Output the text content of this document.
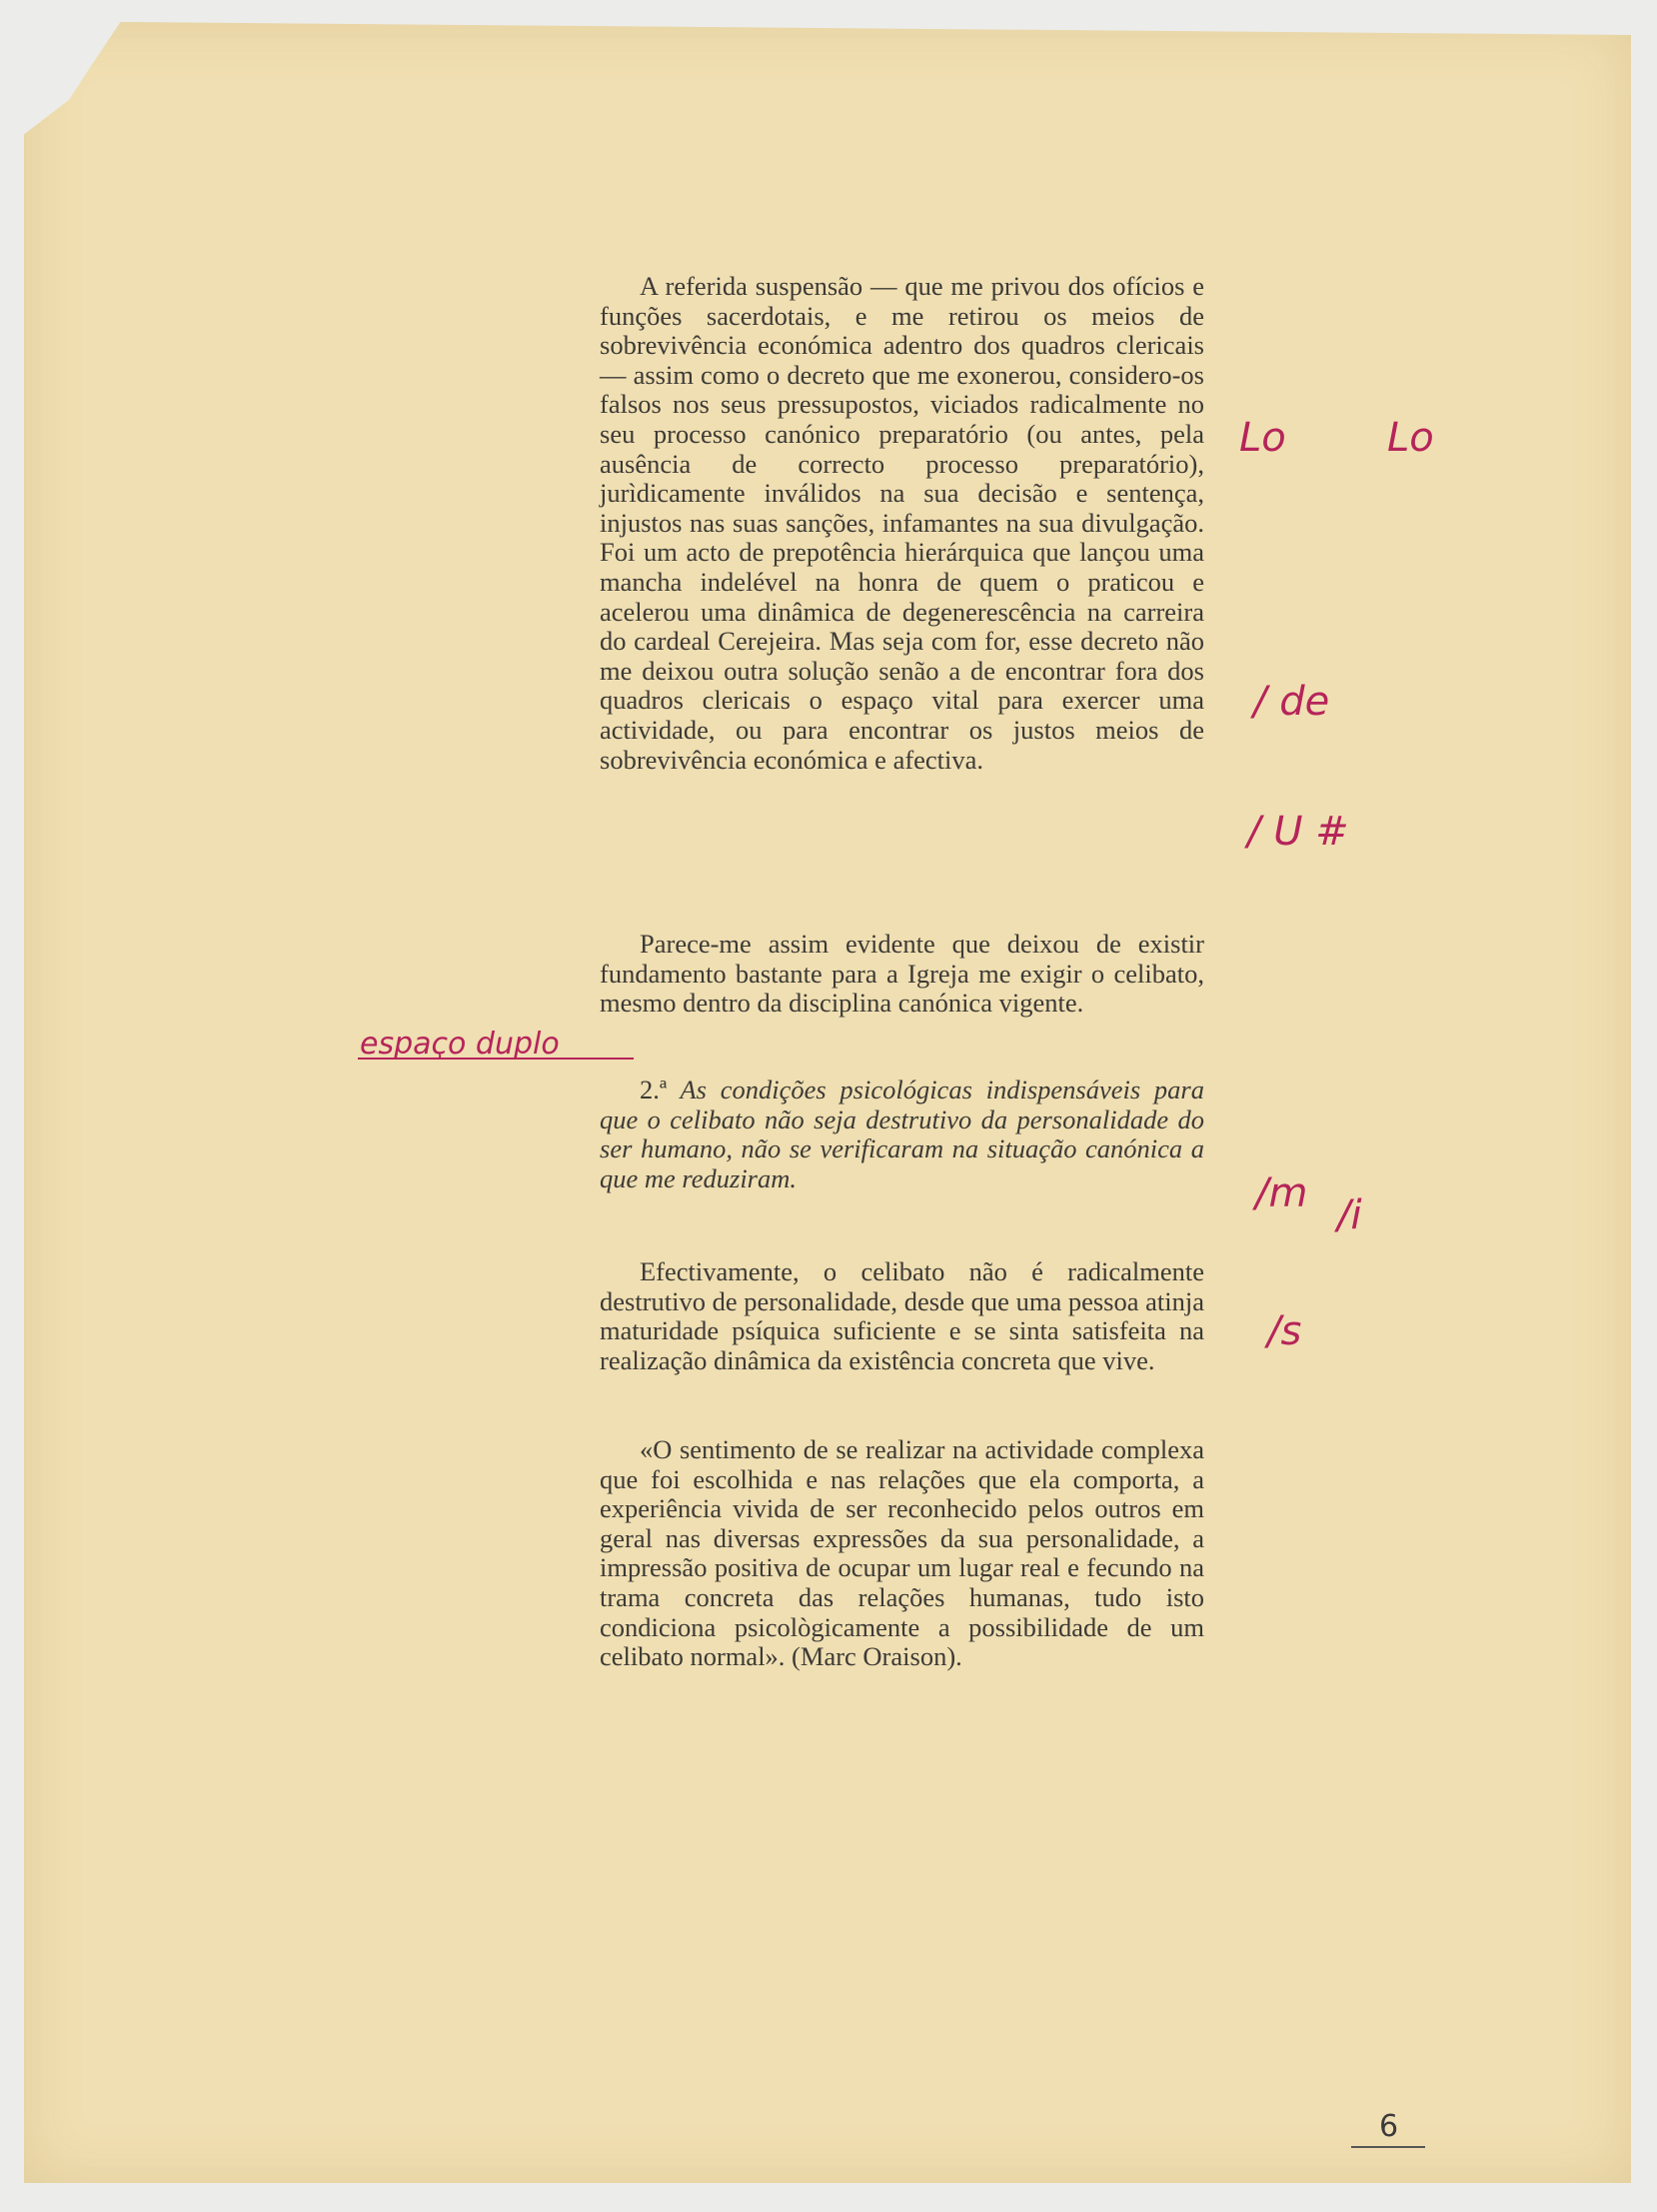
A referida suspensão — que me privou dos ofícios e funções sacerdotais, e me retirou os meios de sobrevivência económica adentro dos quadros clericais — assim como o decreto que me exonerou, considero-os falsos nos seus pressupostos, viciados radicalmente no seu processo canónico preparatório (ou antes, pela ausência de correcto processo preparatório), jurìdicamente inválidos na sua decisão e sentença, injustos nas suas sanções, infamantes na sua divulgação. Foi um acto de prepotência hierárquica que lançou uma mancha indelével na honra de quem o praticou e acelerou uma dinâmica de degenerescência na carreira do cardeal Cerejeira. Mas seja com for, esse decreto não me deixou outra solução senão a de encontrar fora dos quadros clericais o espaço vital para exercer uma actividade, ou para encontrar os justos meios de sobrevivência económica e afectiva.
Parece-me assim evidente que deixou de existir fundamento bastante para a Igreja me exigir o celibato, mesmo dentro da disciplina canónica vigente.
2.ª As condições psicológicas indispensáveis para que o celibato não seja destrutivo da personalidade do ser humano, não se verificaram na situação canónica a que me reduziram.
Efectivamente, o celibato não é radicalmente destrutivo de personalidade, desde que uma pessoa atinja maturidade psíquica suficiente e se sinta satisfeita na realização dinâmica da existência concreta que vive.
«O sentimento de se realizar na actividade complexa que foi escolhida e nas relações que ela comporta, a experiência vivida de ser reconhecido pelos outros em geral nas diversas expressões da sua personalidade, a impressão positiva de ocupar um lugar real e fecundo na trama concreta das relações humanas, tudo isto condiciona psicològicamente a possibilidade de um celibato normal». (Marc Oraison).
Lo	Lo
/ de
/ U #
espaço duplo
/m /i
/s
6
